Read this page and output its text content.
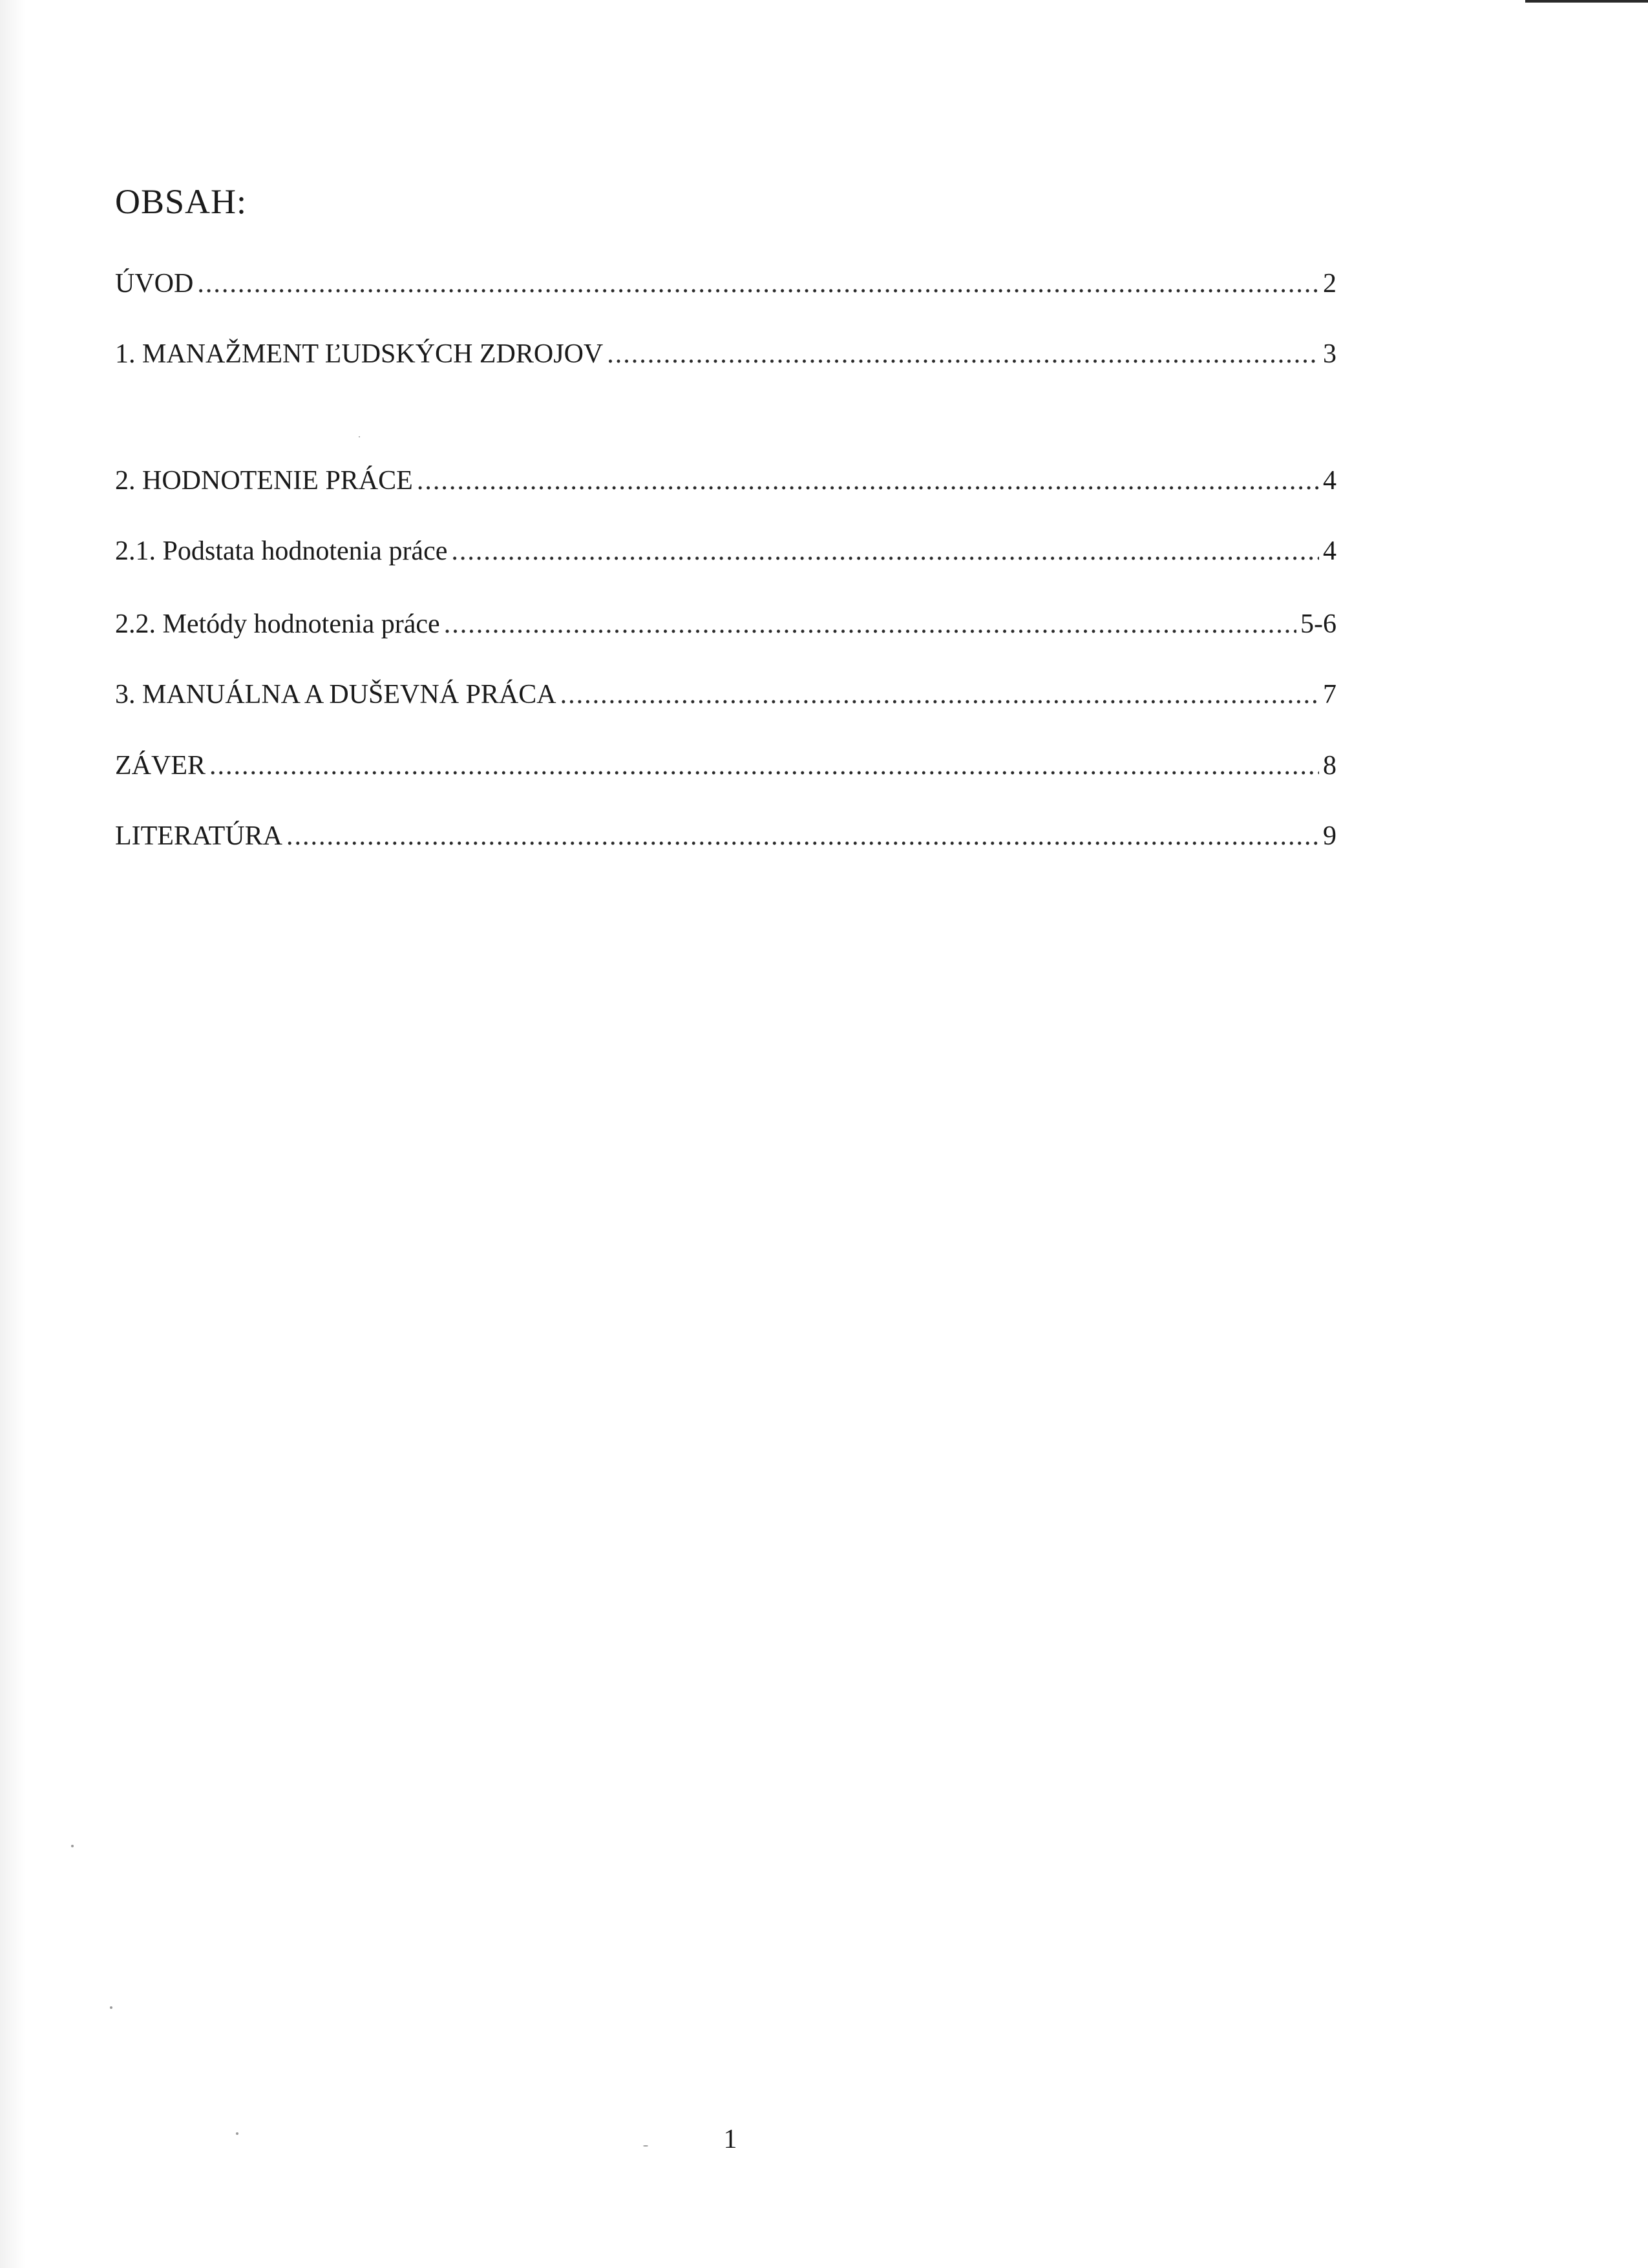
OBSAH:
ÚVOD .....	2
1. MANAŽMENT ĽUDSKÝCH ZDROJOV .....	3
2. HODNOTENIE PRÁCE .....	4
2.1. Podstata hodnotenia práce .....	4
2.2. Metódy hodnotenia práce .....	5-6
3. MANUÁLNA A DUŠEVNÁ PRÁCA .....	7
ZÁVER .....	8
LITERATÚRA .....	9
1
